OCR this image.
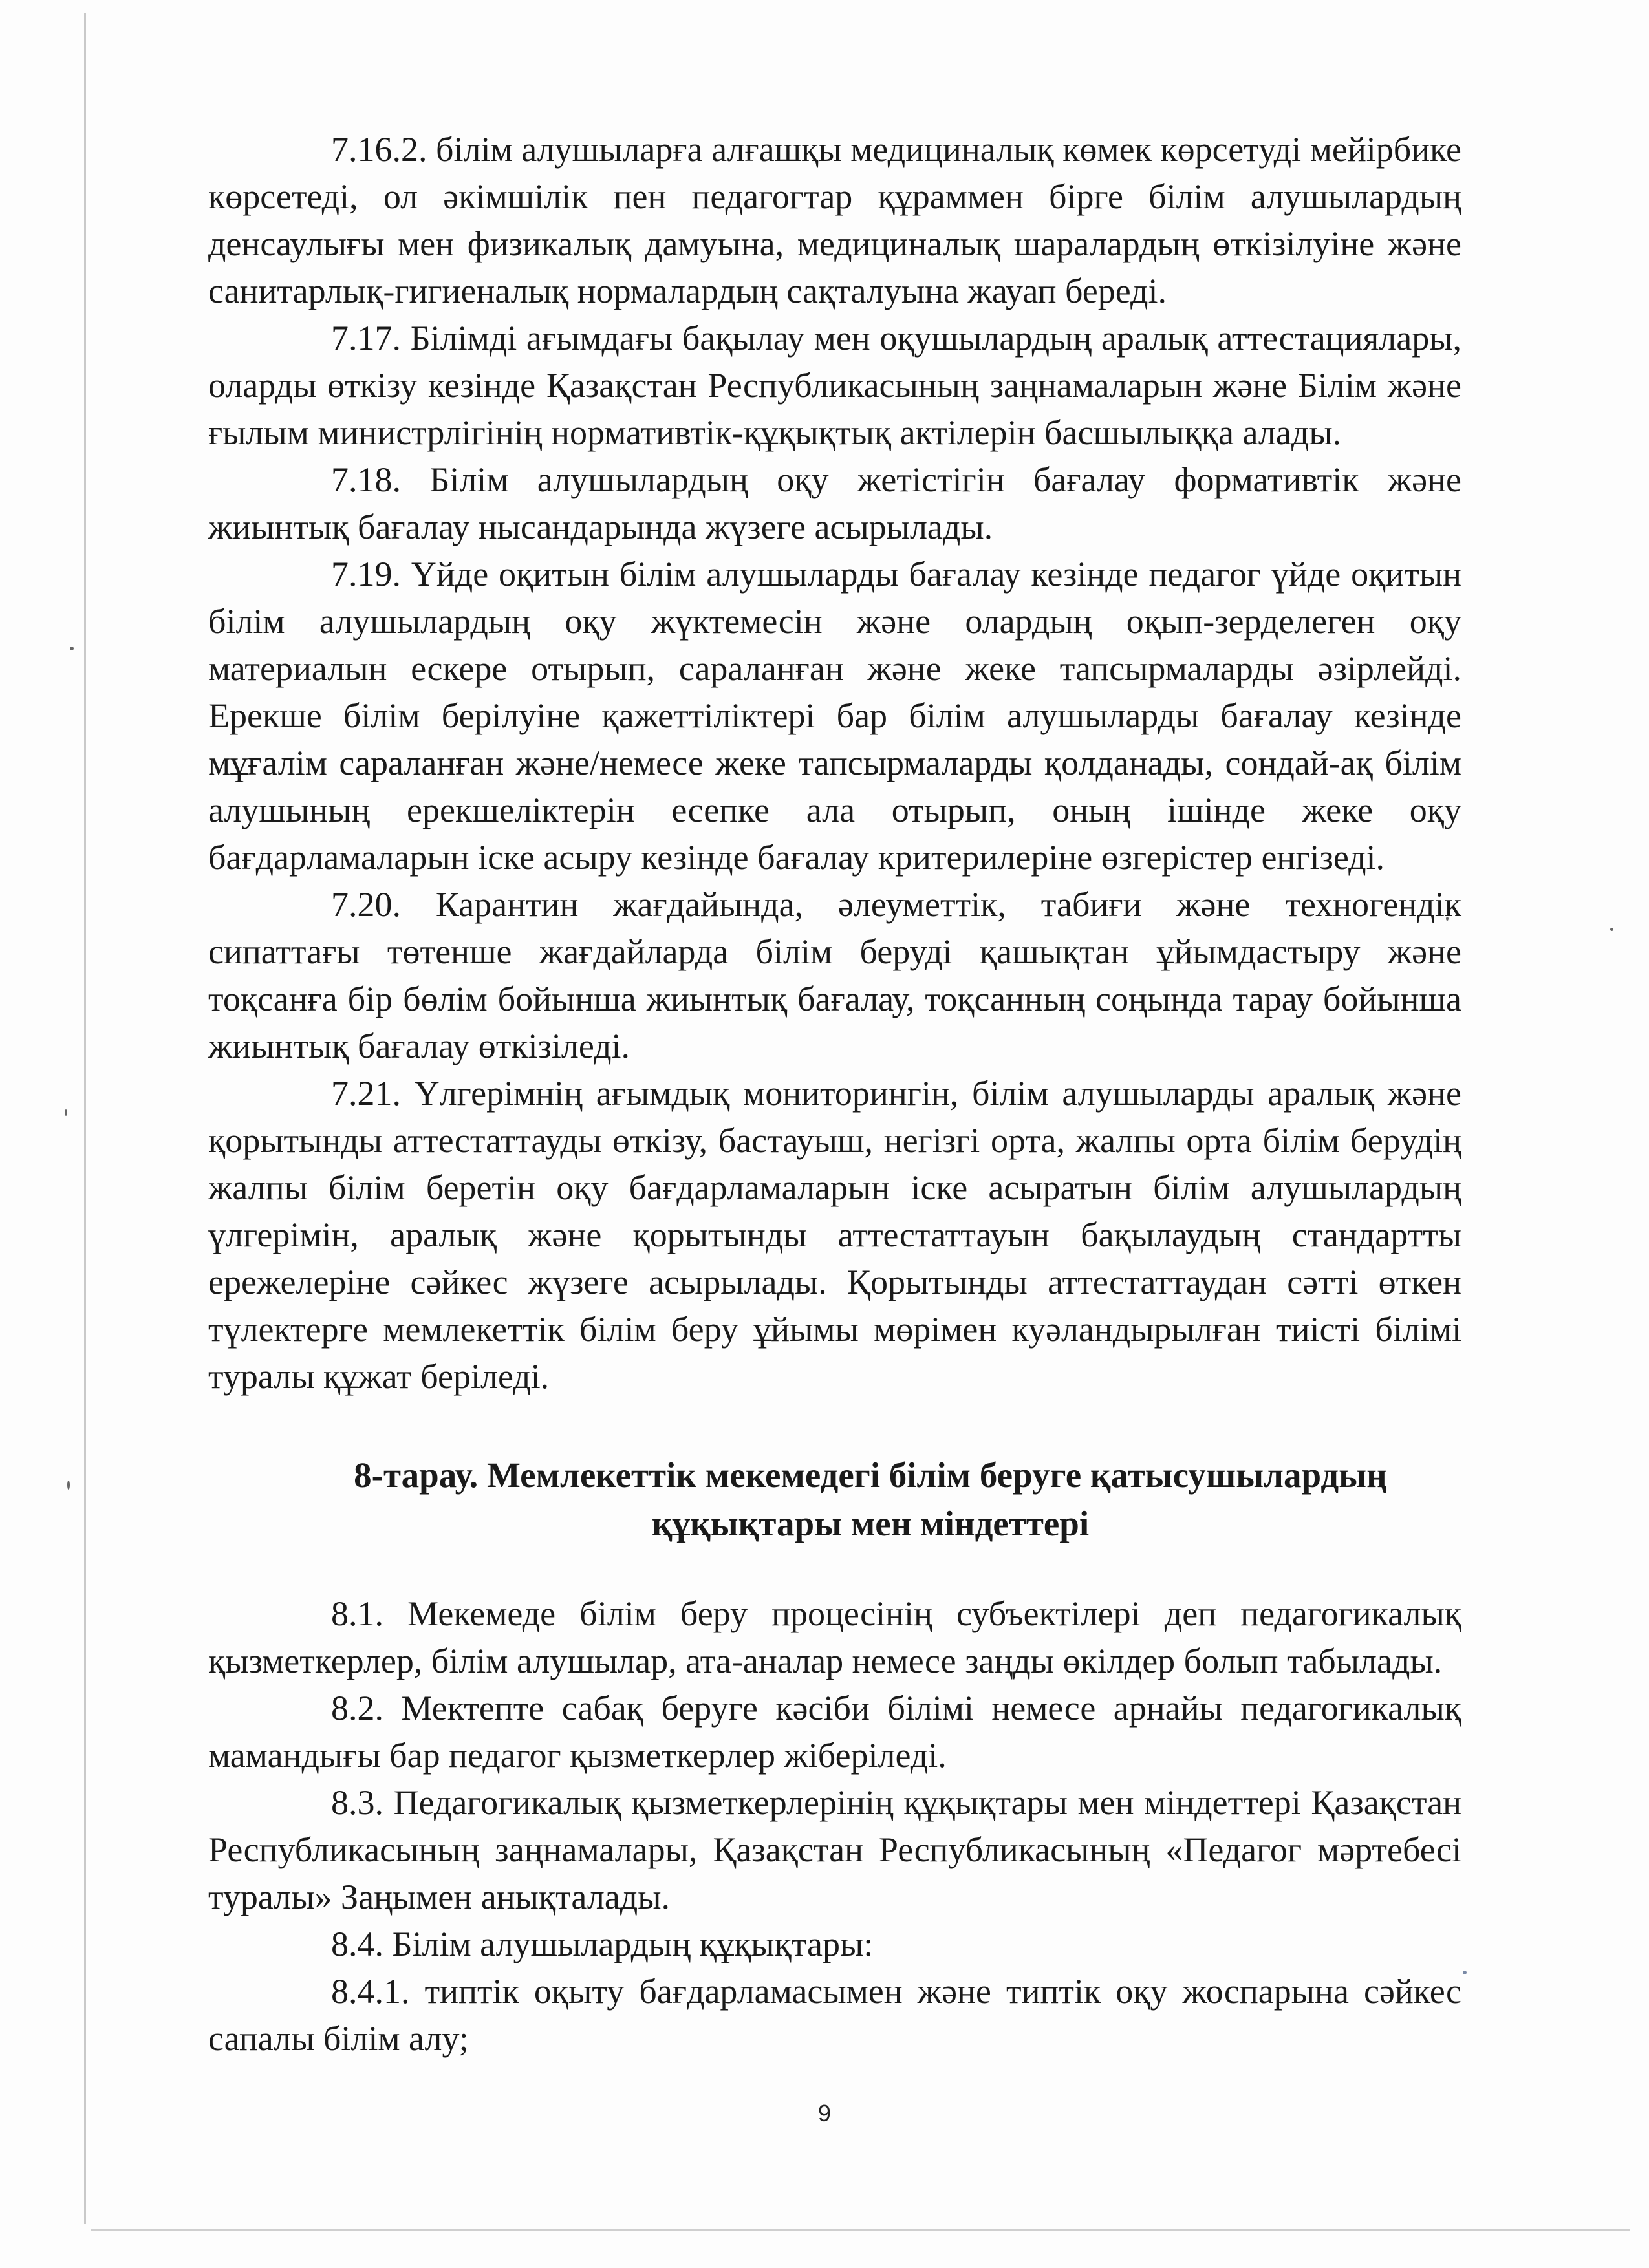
7.16.2. білім алушыларға алғашқы медициналық көмек көрсетуді мейірбике көрсетеді, ол әкімшілік пен педагогтар құраммен бірге білім алушылардың денсаулығы мен физикалық дамуына, медициналық шаралардың өткізілуіне және санитарлық-гигиеналық нормалардың сақталуына жауап береді.

7.17. Білімді ағымдағы бақылау мен оқушылардың аралық аттестациялары, оларды өткізу кезінде Қазақстан Республикасының заңнамаларын және Білім және ғылым министрлігінің нормативтік-құқықтық актілерін басшылыққа алады.

7.18. Білім алушылардың оқу жетістігін бағалау формативтік және жиынтық бағалау нысандарында жүзеге асырылады.

7.19. Үйде оқитын білім алушыларды бағалау кезінде педагог үйде оқитын білім алушылардың оқу жүктемесін және олардың оқып-зерделеген оқу материалын ескере отырып, сараланған және жеке тапсырмаларды әзірлейді. Ерекше білім берілуіне қажеттіліктері бар білім алушыларды бағалау кезінде мұғалім сараланған және/немесе жеке тапсырмаларды қолданады, сондай-ақ білім алушының ерекшеліктерін есепке ала отырып, оның ішінде жеке оқу бағдарламаларын іске асыру кезінде бағалау критерилеріне өзгерістер енгізеді.

7.20. Карантин жағдайында, әлеуметтік, табиғи және техногендік сипаттағы төтенше жағдайларда білім беруді қашықтан ұйымдастыру және тоқсанға бір бөлім бойынша жиынтық бағалау, тоқсанның соңында тарау бойынша жиынтық бағалау өткізіледі.

7.21. Үлгерімнің ағымдық мониторингін, білім алушыларды аралық және қорытынды аттестаттауды өткізу, бастауыш, негізгі орта, жалпы орта білім берудің жалпы білім беретін оқу бағдарламаларын іске асыратын білім алушылардың үлгерімін, аралық және қорытынды аттестаттауын бақылаудың стандартты ережелеріне сәйкес жүзеге асырылады. Қорытынды аттестаттаудан сәтті өткен түлектерге мемлекеттік білім беру ұйымы мөрімен куәландырылған тиісті білімі туралы құжат беріледі.

8-тарау. Мемлекеттік мекемедегі білім беруге қатысушылардың
құқықтары мен міндеттері

8.1. Мекемеде білім беру процесінің субъектілері деп педагогикалық қызметкерлер, білім алушылар, ата-аналар немесе заңды өкілдер болып табылады.

8.2. Мектепте сабақ беруге кәсіби білімі немесе арнайы педагогикалық мамандығы бар педагог қызметкерлер жіберіледі.

8.3. Педагогикалық қызметкерлерінің құқықтары мен міндеттері Қазақстан Республикасының заңнамалары, Қазақстан Республикасының «Педагог мәртебесі туралы» Заңымен анықталады.

8.4. Білім алушылардың құқықтары:

8.4.1. типтік оқыту бағдарламасымен және типтік оқу жоспарына сәйкес сапалы білім алу;

9
